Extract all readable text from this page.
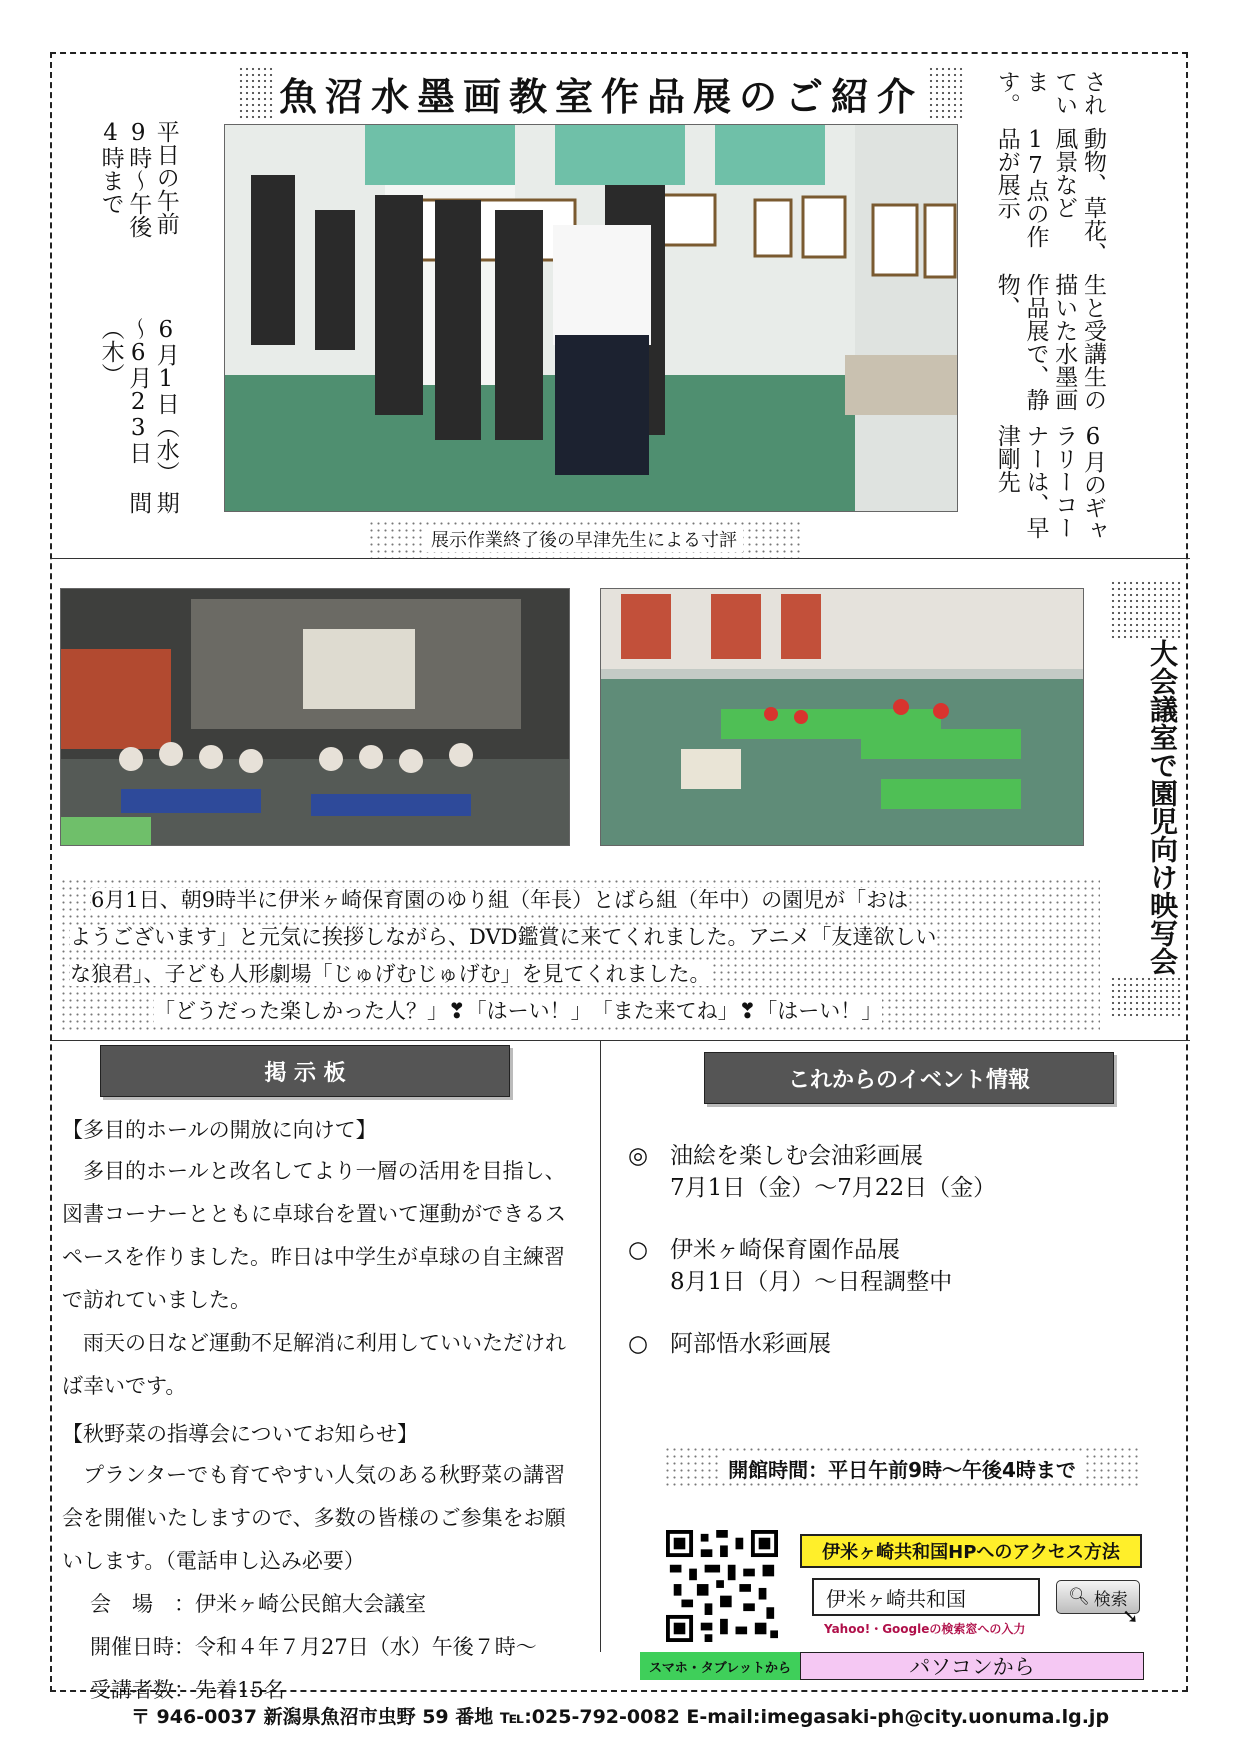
魚沼水墨画教室作品展のご紹介
期間
6月1日（水）～6月23日（木）
平日の午前9時～午後4時まで
展示作業終了後の早津先生による寸評	6月のギャラリーコーナーは、早津剛先
生と受講生の描いた水墨画作品展で、静物、
動物、草花、風景など17点の作品が展示
されています。
大会議室で園児向け映写会

6月1日、朝9時半に伊米ヶ崎保育園のゆり組（年長）とばら組（年中）の園児が「おは

ようございます」と元気に挨拶しながら、DVD鑑賞に来てくれました。アニメ「友達欲しい

な狼君」、子ども人形劇場「じゅげむじゅげむ」を見てくれました。

「どうだった楽しかった人？」❣「はーい！」　「また来てね」❣「はーい！」

掲 示 板
【多目的ホールの開放に向けて】

多目的ホールと改名してより一層の活用を目指し、図書コーナーとともに卓球台を置いて運動ができるスペースを作りました。昨日は中学生が卓球の自主練習で訪れていました。

雨天の日など運動不足解消に利用していいただければ幸いです。

【秋野菜の指導会についてお知らせ】

プランターでも育てやすい人気のある秋野菜の講習会を開催いたしますので、多数の皆様のご参集をお願いします。（電話申し込み必要）

会　場　：伊米ヶ崎公民館大会議室
開催日時：令和４年７月27日（水）午後７時～
受講者数：先着15名
これからのイベント情報
◎ 油絵を楽しむ会油彩画展
7月1日（金）～7月22日（金）
○ 伊米ヶ崎保育園作品展
8月1日（月）～日程調整中
○ 阿部悟水彩画展
開館時間：平日午前9時～午後4時まで
伊米ヶ崎共和国HPへのアクセス方法
伊米ヶ崎共和国	🔍︎ 検索
➘
Yahoo!・Googleの検索窓への入力
スマホ・タブレットから	パソコンから
〒 946-0037 新潟県魚沼市虫野 59 番地 ℡:025-792-0082 E-mail:imegasaki-ph@city.uonuma.lg.jp
